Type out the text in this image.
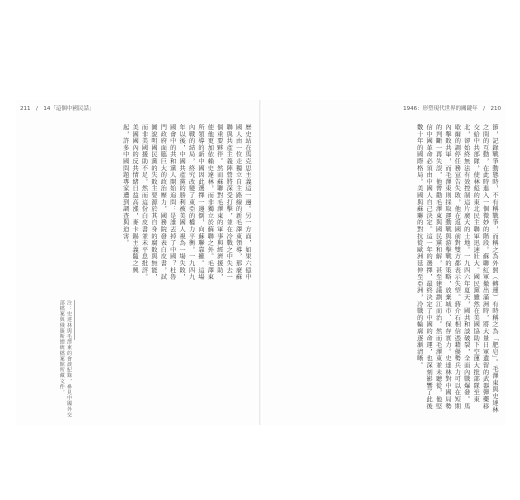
211　/　14「這個中國民話」
歷史站在馬克思主義這一邊。另一方面，如果六億中國人由一位走獨立自主路線的新毛澤東領導，那麼蘇聯與共產主義陣營將深受打擊，並在冷戰之中失去一個重要夥伴。然而蘇聯對毛澤東的軍事與經濟援助，使他更加依賴史達林，而非獨立於蘇聯之外。毛澤東所領導的新中國因此選擇一邊倒，向蘇聯靠攏。這場內戰的結局，終究改變了東亞的權力平衡。一九四九年以後，中國共產黨的勝利被美國人視為一場失敗，國會中的共和黨人開始追問：是誰丟掉了中國？杜魯門政府面臨巨大的政治壓力，國務院發表白皮書，試圖說明國民黨的失敗主要源於其自身的腐敗與無能，而非美國援助不足。然而這份白皮書並未平息批評。美國國內的反共情緒日益高漲，麥卡錫主義隨之興起，許多中國問題專家遭到調查與迫害。
注：史達林與毛澤東的會談紀錄，參見中國外交部檔案與俄羅斯總統檔案館所藏文件。
1946：形塑現代世界的關鍵年　/　210
節，記錄戰爭動態時，不有稱戰爭，而稱之為外貿（轉運）有時稱之為「肥皂」。毛澤東與史達林之間的互動，在此時進入一個微妙的階段。蘇聯紅軍撤出滿洲時，將大量日軍遺留的武器彈藥移交給中共部隊，使林彪的東北民主聯軍迅速壯大。國民黨雖然在美國協助下空運大批部隊至東北，卻始終無法有效控制這片廣大的土地。一九四六年夏天，國共和談破裂，全面內戰爆發。馬歇爾的調停任務宣告失敗，他在返國前對雙方都表示失望。蔣介石相信憑藉優勢兵力可以在短期內擊敗共軍，而毛澤東則採取運動戰與游擊戰的策略，放棄城市、保存實力。史達林對中國局勢的判斷一再失誤，他曾勸毛澤東與國民黨和解，甚至建議劃江而治。然而毛澤東並未聽從，他堅信中國革命必須由中國人自己決定。這一年的選擇，最終決定了中國的命運，也深刻影響了此後數十年的國際格局。美國與蘇聯的對抗從歐洲延伸至亞洲，冷戰的輪廓逐漸清晰。
